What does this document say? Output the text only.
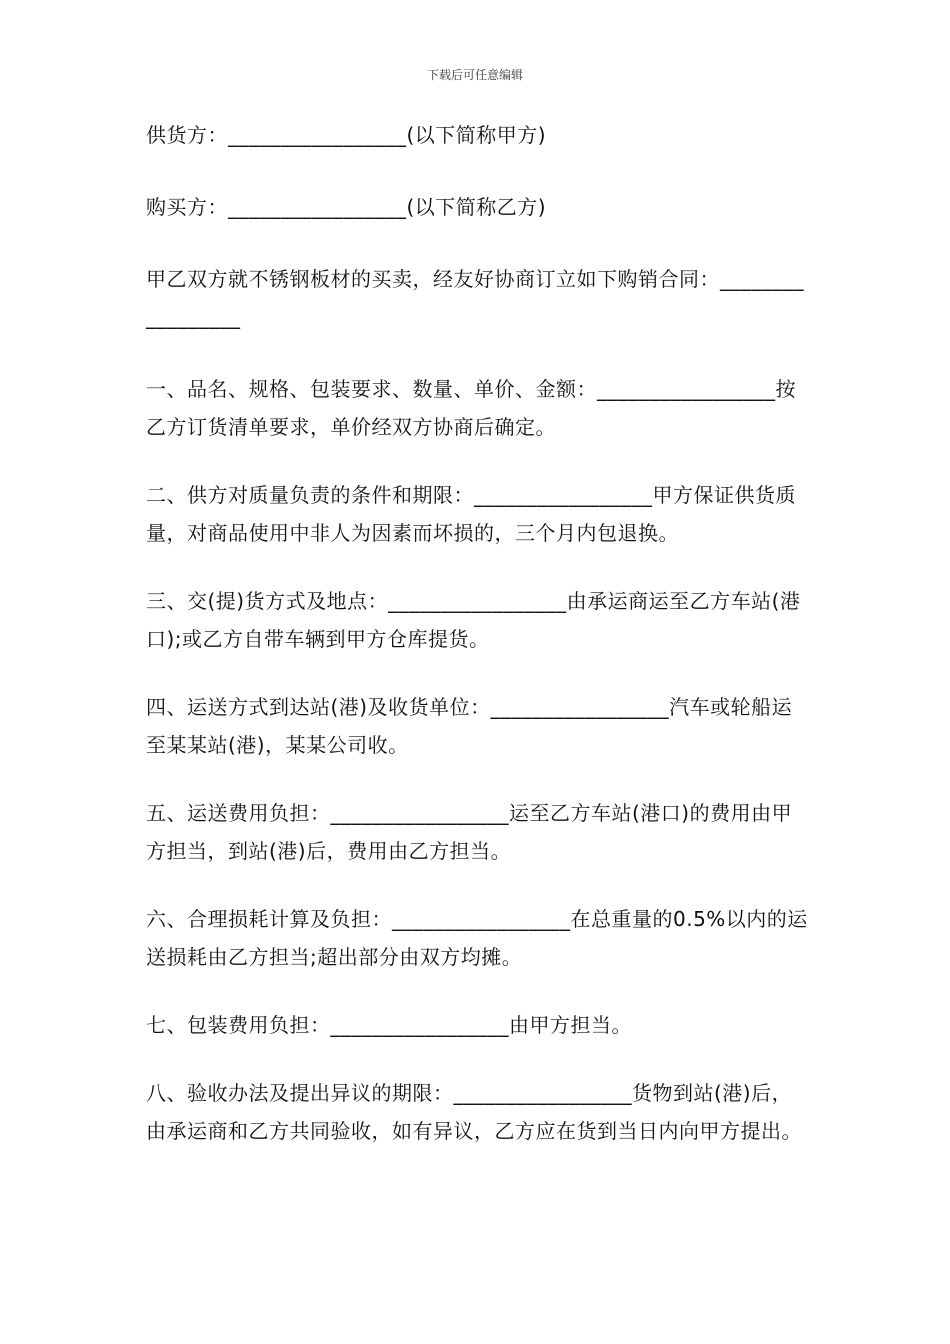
下载后可任意编辑

供货方：_________________(以下简称甲方)

购买方：_________________(以下简称乙方)

甲乙双方就不锈钢板材的买卖，经友好协商订立如下购销合同：_________________

一、品名、规格、包装要求、数量、单价、金额：_________________按乙方订货清单要求，单价经双方协商后确定。

二、供方对质量负责的条件和期限：_________________甲方保证供货质量，对商品使用中非人为因素而坏损的，三个月内包退换。

三、交(提)货方式及地点：_________________由承运商运至乙方车站(港口);或乙方自带车辆到甲方仓库提货。

四、运送方式到达站(港)及收货单位：_________________汽车或轮船运至某某站(港)，某某公司收。

五、运送费用负担：_________________运至乙方车站(港口)的费用由甲方担当，到站(港)后，费用由乙方担当。

六、合理损耗计算及负担：_________________在总重量的0.5%以内的运送损耗由乙方担当;超出部分由双方均摊。

七、包装费用负担：_________________由甲方担当。

八、验收办法及提出异议的期限：_________________货物到站(港)后，由承运商和乙方共同验收，如有异议，乙方应在货到当日内向甲方提出。
